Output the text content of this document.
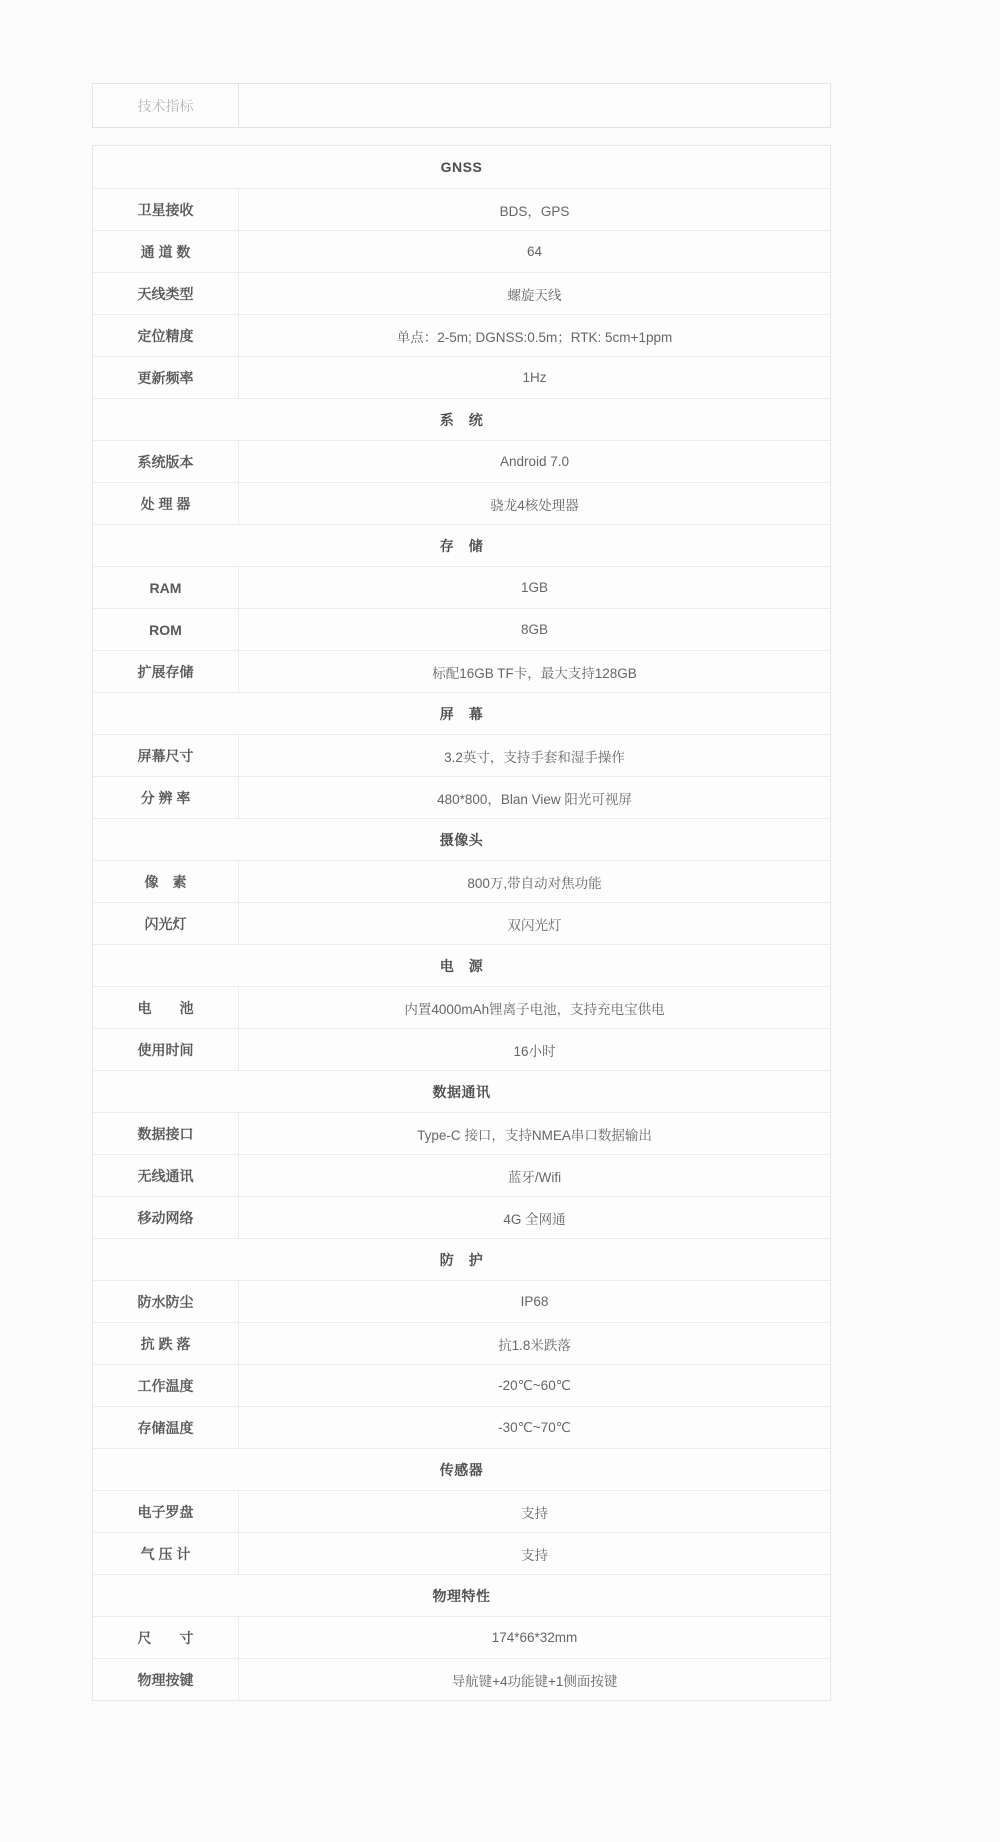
技术指标
GNSS
卫星接收	BDS，GPS
通 道 数	64
天线类型	螺旋天线
定位精度	单点：2-5m; DGNSS:0.5m；RTK: 5cm+1ppm
更新频率	1Hz
系　统
系统版本	Android 7.0
处 理 器	骁龙4核处理器
存　储
RAM	1GB
ROM	8GB
扩展存储	标配16GB TF卡，最大支持128GB
屏　幕
屏幕尺寸	3.2英寸，支持手套和湿手操作
分 辨 率	480*800，Blan View 阳光可视屏
摄像头
像　素	800万,带自动对焦功能
闪光灯	双闪光灯
电　源
电　　池	内置4000mAh锂离子电池，支持充电宝供电
使用时间	16小时
数据通讯
数据接口	Type-C 接口，支持NMEA串口数据输出
无线通讯	蓝牙/Wifi
移动网络	4G 全网通
防　护
防水防尘	IP68
抗 跌 落	抗1.8米跌落
工作温度	-20℃~60℃
存储温度	-30℃~70℃
传感器
电子罗盘	支持
气 压 计	支持
物理特性
尺　　寸	174*66*32mm
物理按键	导航键+4功能键+1侧面按键
